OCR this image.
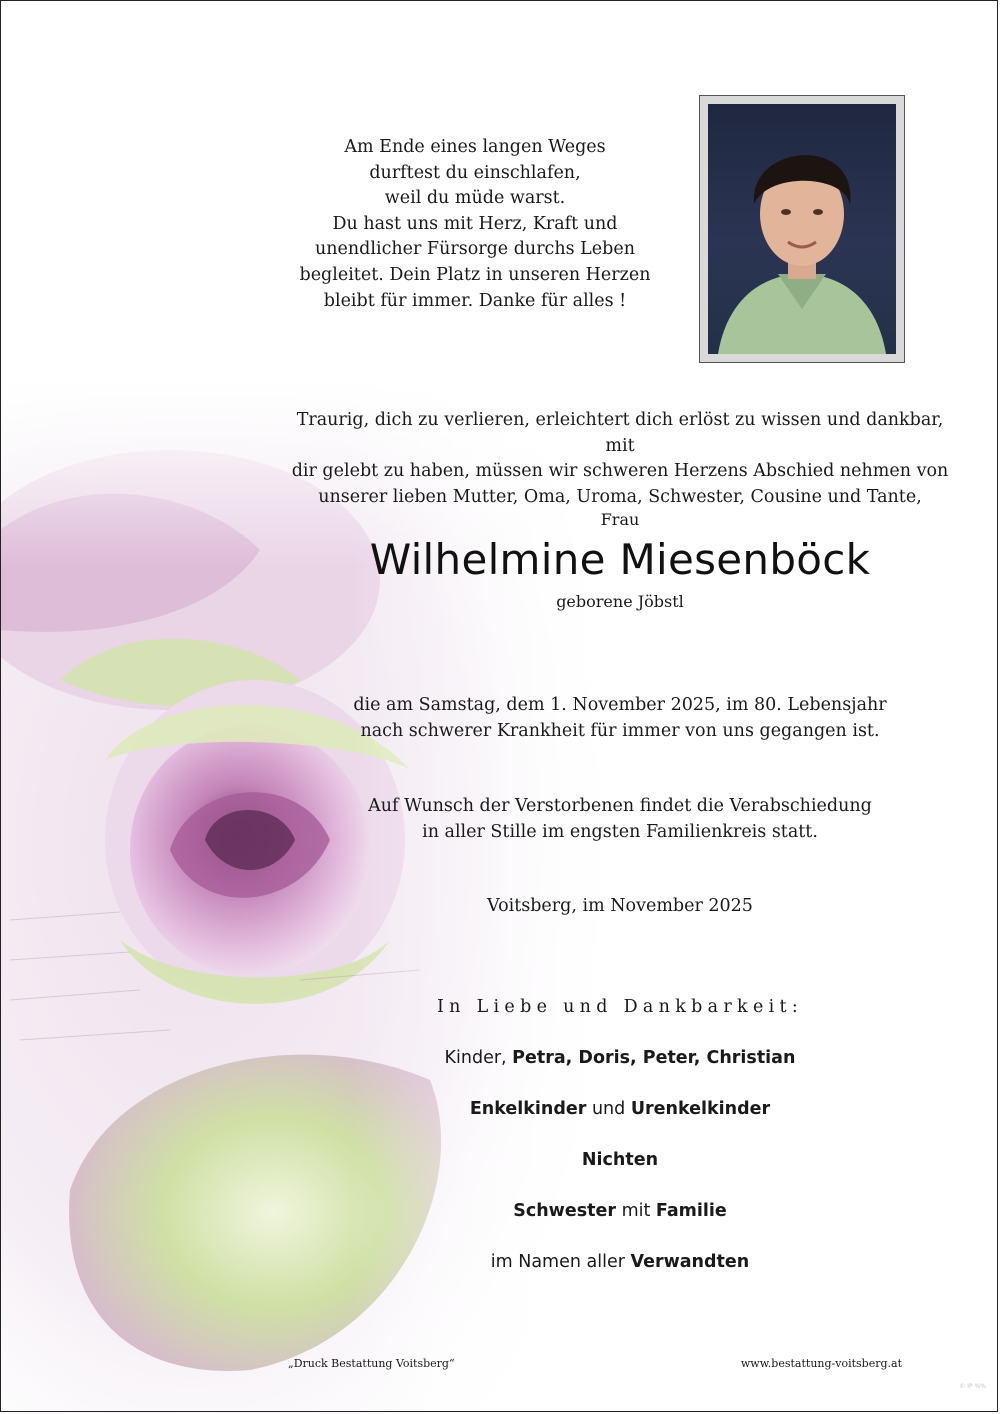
Am Ende eines langen Weges
durftest du einschlafen,
weil du müde warst.
Du hast uns mit Herz, Kraft und
unendlicher Fürsorge durchs Leben
begleitet. Dein Platz in unseren Herzen
bleibt für immer. Danke für alles !
Traurig, dich zu verlieren, erleichtert dich erlöst zu wissen und dankbar, mit
dir gelebt zu haben, müssen wir schweren Herzens Abschied nehmen von
unserer lieben Mutter, Oma, Uroma, Schwester, Cousine und Tante,
Frau
Wilhelmine Miesenböck
geborene Jöbstl
die am Samstag, dem 1. November 2025, im 80. Lebensjahr
nach schwerer Krankheit für immer von uns gegangen ist.
Auf Wunsch der Verstorbenen findet die Verabschiedung
in aller Stille im engsten Familienkreis statt.
Voitsberg, im November 2025
In Liebe und Dankbarkeit:
Kinder, Petra, Doris, Peter, Christian
Enkelkinder und Urenkelkinder
Nichten
Schwester mit Familie
im Namen aller Verwandten
„Druck Bestattung Voitsberg“	www.bestattung-voitsberg.at
© IP %%
